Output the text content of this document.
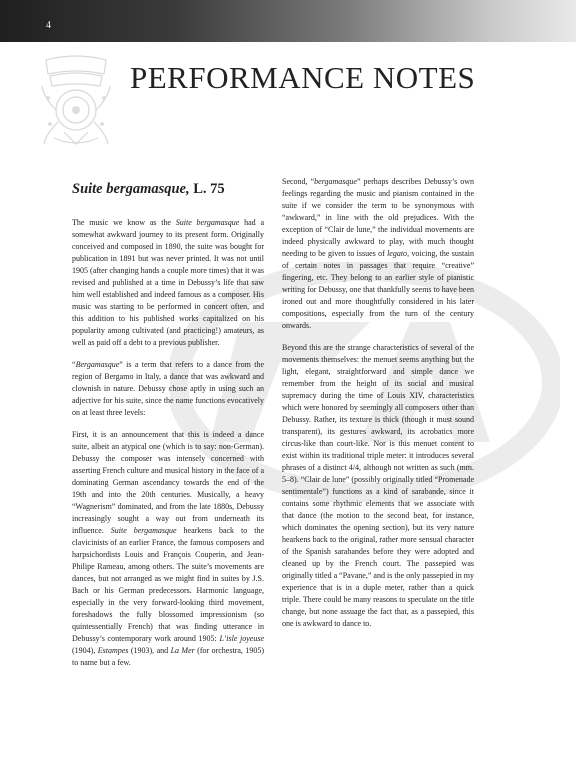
4
PERFORMANCE NOTES
Suite bergamasque, L. 75

The music we know as the Suite bergamasque had a somewhat awkward journey to its present form. Originally conceived and composed in 1890, the suite was bought for publication in 1891 but was never printed. It was not until 1905 (after changing hands a couple more times) that it was revised and published at a time in Debussy’s life that saw him well established and indeed famous as a composer. His music was starting to be performed in concert often, and this addition to his published works capitalized on his popularity among cultivated (and practicing!) amateurs, as well as paid off a debt to a previous publisher.

“Bergamasque” is a term that refers to a dance from the region of Bergamo in Italy, a dance that was awkward and clownish in nature. Debussy chose aptly in using such an adjective for his suite, since the name functions evocatively on at least three levels:

First, it is an announcement that this is indeed a dance suite, albeit an atypical one (which is to say: non-German). Debussy the composer was intensely concerned with asserting French culture and musical history in the face of a dominating German ascendancy towards the end of the 19th and into the 20th centuries. Musically, a heavy “Wagnerism” dominated, and from the late 1880s, Debussy increasingly sought a way out from underneath its influence. Suite bergamasque hearkens back to the clavicinists of an earlier France, the famous composers and harpsichordists Louis and François Couperin, and Jean-Philipe Rameau, among others. The suite’s movements are dances, but not arranged as we might find in suites by J.S. Bach or his German predecessors. Harmonic language, especially in the very forward-looking third movement, foreshadows the fully blossomed impressionism (so quintessentially French) that was finding utterance in Debussy’s contemporary work around 1905: L’isle joyeuse (1904), Estampes (1903), and La Mer (for orchestra, 1905) to name but a few.

Second, “bergamasque” perhaps describes Debussy’s own feelings regarding the music and pianism contained in the suite if we consider the term to be synonymous with “awkward,” in line with the old prejudices. With the exception of “Clair de lune,” the individual movements are indeed physically awkward to play, with much thought needing to be given to issues of legato, voicing, the sustain of certain notes in passages that require “creative” fingering, etc. They belong to an earlier style of pianistic writing for Debussy, one that thankfully seems to have been ironed out and more thoughtfully considered in his later compositions, especially from the turn of the century onwards.

Beyond this are the strange characteristics of several of the movements themselves: the menuet seems anything but the light, elegant, straightforward and simple dance we remember from the height of its social and musical supremacy during the time of Louis XIV, characteristics which were honored by seemingly all composers other than Debussy. Rather, its texture is thick (though it must sound transparent), its gestures awkward, its acrobatics more circus-like than court-like. Nor is this menuet content to exist within its traditional triple meter: it introduces several phrases of a distinct 4/4, although not written as such (mm. 5–8). “Clair de lune” (possibly originally titled “Promenade sentimentale”) functions as a kind of sarabande, since it contains some rhythmic elements that we associate with that dance (the motion to the second beat, for instance, which dominates the opening section), but its very nature hearkens back to the original, rather more sensual character of the Spanish sarabandes before they were adopted and cleaned up by the French court. The passepied was originally titled a “Pavane,” and is the only passepied in my experience that is in a duple meter, rather than a quick triple. There could be many reasons to speculate on the title change, but none assuage the fact that, as a passepied, this one is awkward to dance to.
